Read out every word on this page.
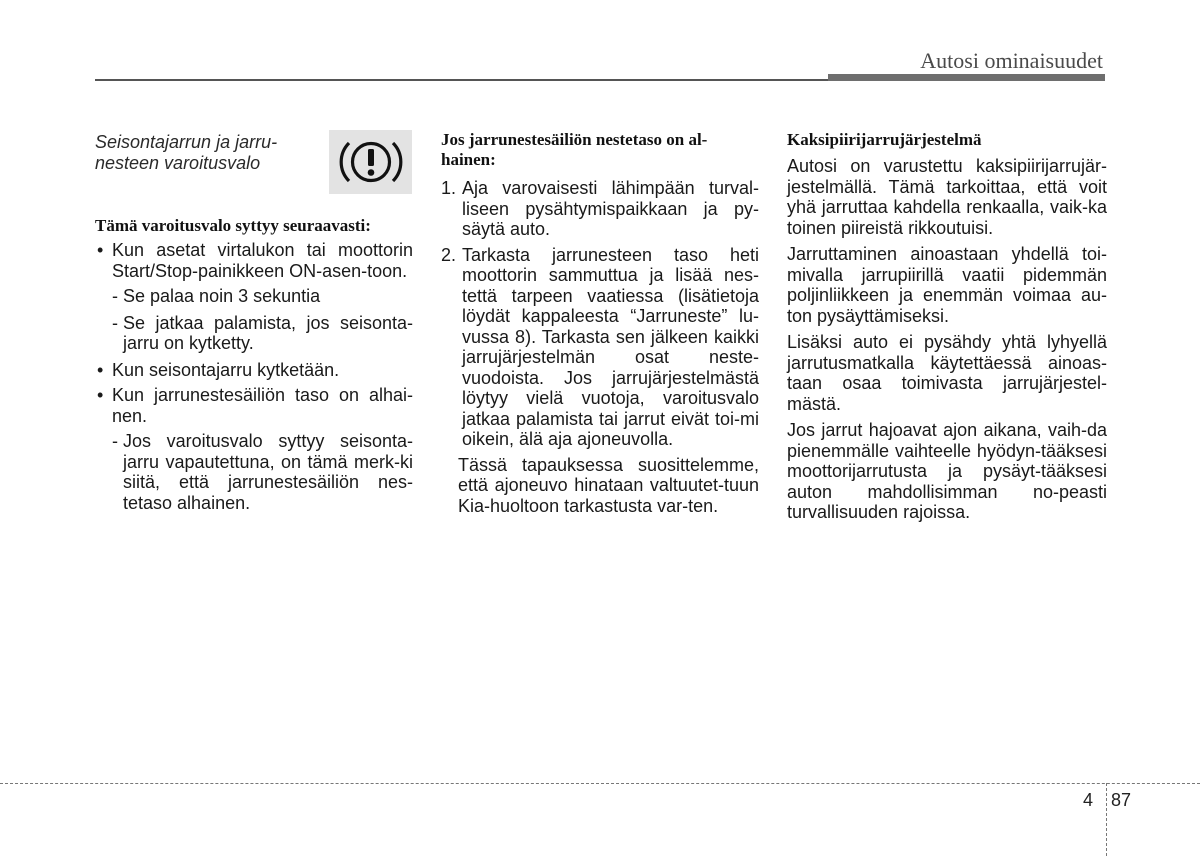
Autosi ominaisuudet
Seisontajarrun ja jarru-nesteen varoitusvalo
Tämä varoitusvalo syttyy seuraavasti:
• Kun asetat virtalukon tai moottorin Start/Stop-painikkeen ON-asen-toon.
- Se palaa noin 3 sekuntia
- Se jatkaa palamista, jos seisonta-jarru on kytketty.
• Kun seisontajarru kytketään.
• Kun jarrunestesäiliön taso on alhai-nen.
- Jos varoitusvalo syttyy seisonta-jarru vapautettuna, on tämä merk-ki siitä, että jarrunestesäiliön nes-tetaso alhainen.
Jos jarrunestesäiliön nestetaso on al-hainen:
1. Aja varovaisesti lähimpään turval-liseen pysähtymispaikkaan ja py-säytä auto.
2. Tarkasta jarrunesteen taso heti moottorin sammuttua ja lisää nes-tettä tarpeen vaatiessa (lisätietoja löydät kappaleesta “Jarruneste” lu-vussa 8). Tarkasta sen jälkeen kaikki jarrujärjestelmän osat neste-vuodoista. Jos jarrujärjestelmästä löytyy vielä vuotoja, varoitusvalo jatkaa palamista tai jarrut eivät toi-mi oikein, älä aja ajoneuvolla.

Tässä tapauksessa suosittelemme, että ajoneuvo hinataan valtuutet-tuun Kia-huoltoon tarkastusta var-ten.

Kaksipiirijarrujärjestelmä

Autosi on varustettu kaksipiirijarrujär-jestelmällä. Tämä tarkoittaa, että voit yhä jarruttaa kahdella renkaalla, vaik-ka toinen piireistä rikkoutuisi.

Jarruttaminen ainoastaan yhdellä toi-mivalla jarrupiirillä vaatii pidemmän poljinliikkeen ja enemmän voimaa au-ton pysäyttämiseksi.

Lisäksi auto ei pysähdy yhtä lyhyellä jarrutusmatkalla käytettäessä ainoas-taan osaa toimivasta jarrujärjestel-mästä.

Jos jarrut hajoavat ajon aikana, vaih-da pienemmälle vaihteelle hyödyn-tääksesi moottorijarrutusta ja pysäyt-tääksesi auton mahdollisimman no-peasti turvallisuuden rajoissa.

4 87
